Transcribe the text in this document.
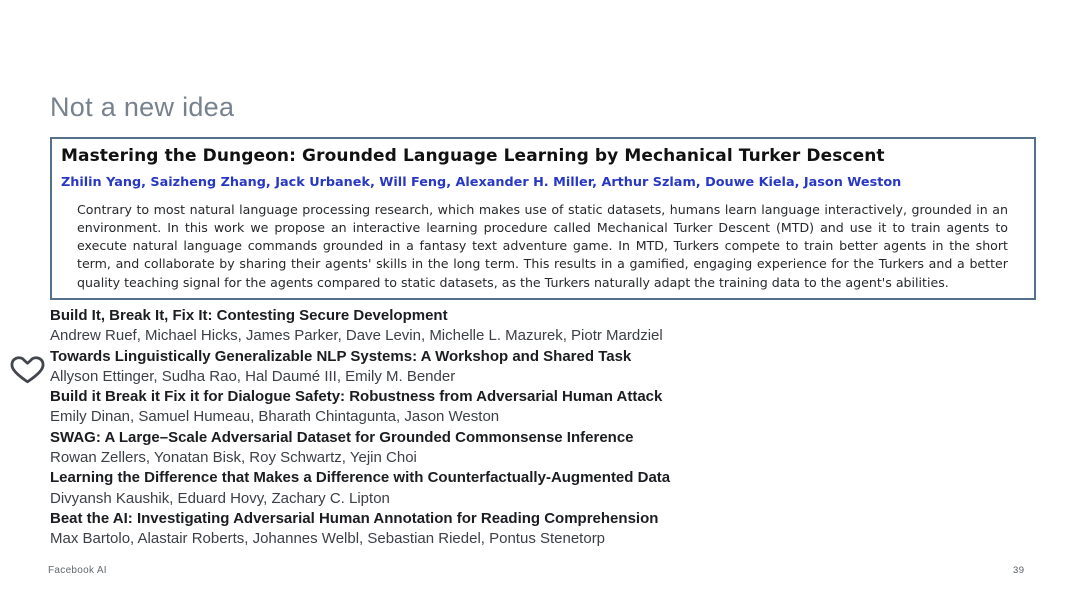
Not a new idea
Mastering the Dungeon: Grounded Language Learning by Mechanical Turker Descent
Zhilin Yang, Saizheng Zhang, Jack Urbanek, Will Feng, Alexander H. Miller, Arthur Szlam, Douwe Kiela, Jason Weston
Contrary to most natural language processing research, which makes use of static datasets, humans learn language interactively, grounded in an environment. In this work we propose an interactive learning procedure called Mechanical Turker Descent (MTD) and use it to train agents to execute natural language commands grounded in a fantasy text adventure game. In MTD, Turkers compete to train better agents in the short term, and collaborate by sharing their agents' skills in the long term. This results in a gamified, engaging experience for the Turkers and a better quality teaching signal for the agents compared to static datasets, as the Turkers naturally adapt the training data to the agent's abilities.
Build It, Break It, Fix It: Contesting Secure Development
Andrew Ruef, Michael Hicks, James Parker, Dave Levin, Michelle L. Mazurek, Piotr Mardziel
Towards Linguistically Generalizable NLP Systems: A Workshop and Shared Task
Allyson Ettinger, Sudha Rao, Hal Daumé III, Emily M. Bender
Build it Break it Fix it for Dialogue Safety: Robustness from Adversarial Human Attack
Emily Dinan, Samuel Humeau, Bharath Chintagunta, Jason Weston
SWAG: A Large–Scale Adversarial Dataset for Grounded Commonsense Inference
Rowan Zellers, Yonatan Bisk, Roy Schwartz, Yejin Choi
Learning the Difference that Makes a Difference with Counterfactually-Augmented Data
Divyansh Kaushik, Eduard Hovy, Zachary C. Lipton
Beat the AI: Investigating Adversarial Human Annotation for Reading Comprehension
Max Bartolo, Alastair Roberts, Johannes Welbl, Sebastian Riedel, Pontus Stenetorp
Facebook AI	39
